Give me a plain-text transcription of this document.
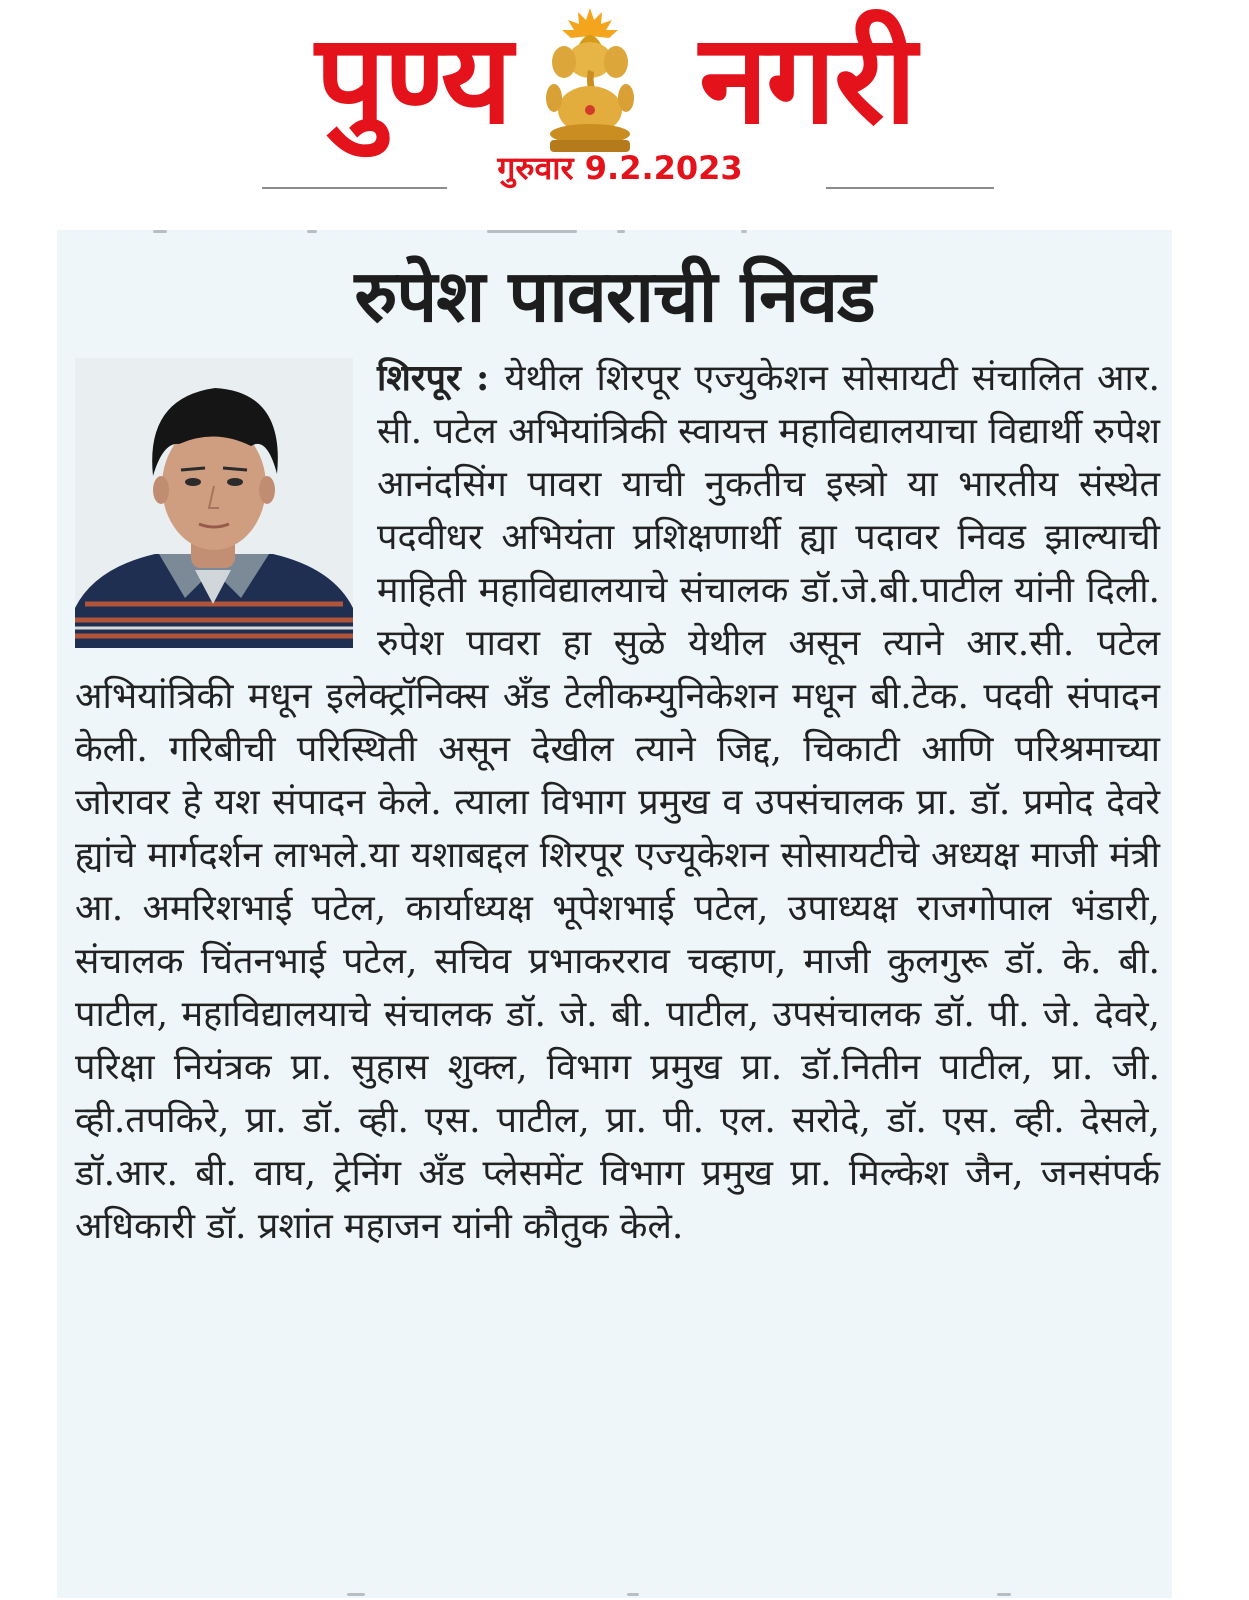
पुण्य	नगरी
गुरुवार 9.2.2023
रुपेश पावराची निवड
शिरपूर : येथील शिरपूर एज्युकेशन सोसायटी संचालित आर. सी. पटेल अभियांत्रिकी स्वायत्त महाविद्यालयाचा विद्यार्थी रुपेश आनंदसिंग पावरा याची नुकतीच इस्त्रो या भारतीय संस्थेत पदवीधर अभियंता प्रशिक्षणार्थी ह्या पदावर निवड झाल्याची माहिती महाविद्यालयाचे संचालक डॉ.जे.बी.पाटील यांनी दिली. रुपेश पावरा हा सुळे येथील असून त्याने आर.सी. पटेल अभियांत्रिकी मधून इलेक्ट्रॉनिक्स अँड टेलीकम्युनिकेशन मधून बी.टेक. पदवी संपादन केली. गरिबीची परिस्थिती असून देखील त्याने जिद्द, चिकाटी आणि परिश्रमाच्या जोरावर हे यश संपादन केले. त्याला विभाग प्रमुख व उपसंचालक प्रा. डॉ. प्रमोद देवरे ह्यांचे मार्गदर्शन लाभले.या यशाबद्दल शिरपूर एज्यूकेशन सोसायटीचे अध्यक्ष माजी मंत्री आ. अमरिशभाई पटेल, कार्याध्यक्ष भूपेशभाई पटेल, उपाध्यक्ष राजगोपाल भंडारी, संचालक चिंतनभाई पटेल, सचिव प्रभाकरराव चव्हाण, माजी कुलगुरू डॉ. के. बी. पाटील, महाविद्यालयाचे संचालक डॉ. जे. बी. पाटील, उपसंचालक डॉ. पी. जे. देवरे, परिक्षा नियंत्रक प्रा. सुहास शुक्ल, विभाग प्रमुख प्रा. डॉ.नितीन पाटील, प्रा. जी. व्ही.तपकिरे, प्रा. डॉ. व्ही. एस. पाटील, प्रा. पी. एल. सरोदे, डॉ. एस. व्ही. देसले, डॉ.आर. बी. वाघ, ट्रेनिंग अँड प्लेसमेंट विभाग प्रमुख प्रा. मिल्केश जैन, जनसंपर्क अधिकारी डॉ. प्रशांत महाजन यांनी कौतुक केले.
